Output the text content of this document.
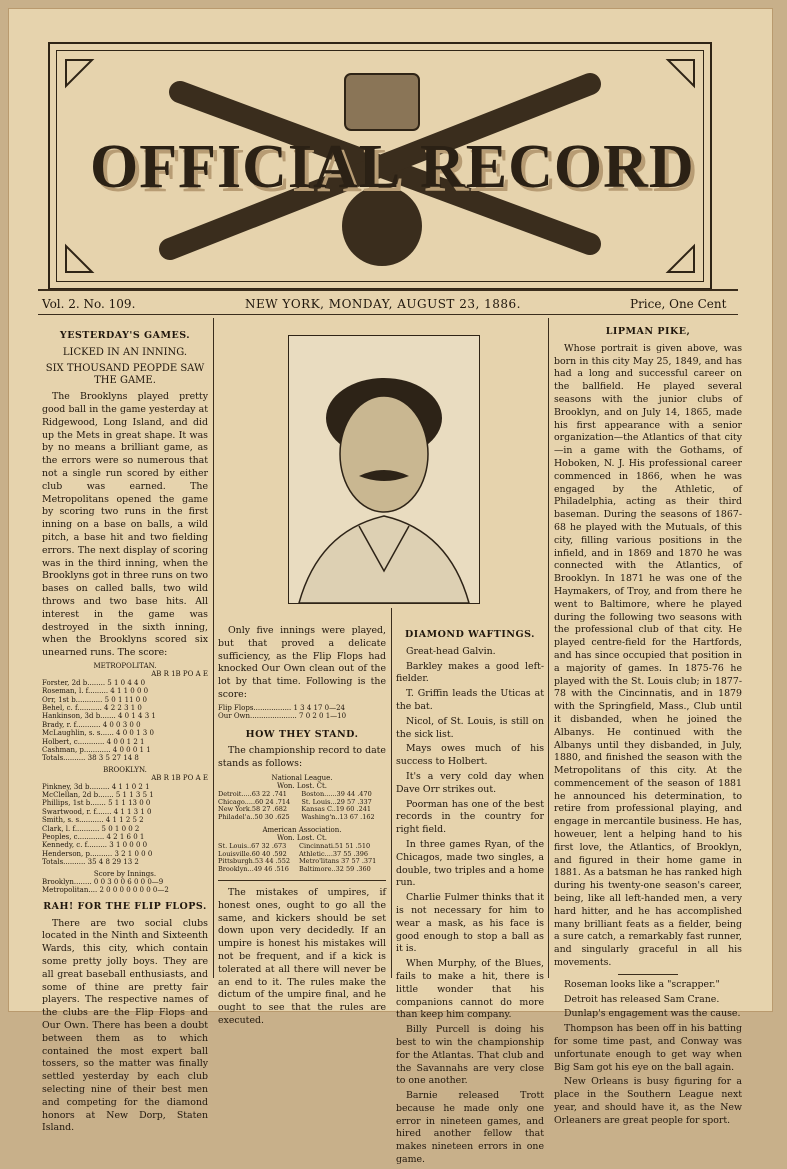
OFFICIAL RECORD
Vol. 2. No. 109.	NEW YORK, MONDAY, AUGUST 23, 1886.	Price, One Cent
YESTERDAY'S GAMES.
LICKED IN AN INNING.
SIX THOUSAND PEOPDE SAW THE GAME.

The Brooklyns played pretty good ball in the game yesterday at Ridgewood, Long Island, and did up the Mets in great shape. It was by no means a brilliant game, as the errors were so numerous that not a single run scored by either club was earned. The Metropolitans opened the game by scoring two runs in the first inning on a base on balls, a wild pitch, a base hit and two fielding errors. The next display of scoring was in the third inning, when the Brooklyns got in three runs on two bases on called balls, two wild throws and two base hits. All interest in the game was destroyed in the sixth inning, when the Brooklyns scored six unearned runs. The score:

METROPOLITAN.
AB R 1B PO A E
Forster, 2d b........ 5 1 0 4 4 0
Roseman, l. f......... 4 1 1 0 0 0
Orr, 1st b............ 5 0 1 11 0 0
Behel, c. f........... 4 2 2 3 1 0
Hankinson, 3d b....... 4 0 1 4 3 1
Brady, r. f........... 4 0 0 3 0 0
McLaughlin, s. s...... 4 0 0 1 3 0
Holbert, c............ 4 0 0 1 2 1
Cashman, p............ 4 0 0 0 1 1
Totals.......... 38 3 5 27 14 8
BROOKLYN.
AB R 1B PO A E
Pinkney, 3d b......... 4 1 1 0 2 1
McClellan, 2d b....... 5 1 1 3 5 1
Phillips, 1st b....... 5 1 1 13 0 0
Swartwood, r. f....... 4 1 1 3 1 0
Smith, s. s........... 4 1 1 2 5 2
Clark, l. f........... 5 0 1 0 0 2
Peoples, c............ 4 2 1 6 0 1
Kennedy, c. f......... 3 1 0 0 0 0
Henderson, p.......... 3 2 1 0 0 0
Totals.......... 35 4 8 29 13 2
Score by Innings.
Brooklyn........ 0 0 3 0 0 6 0 0 0—9
Metropolitan.... 2 0 0 0 0 0 0 0 0—2
RAH! FOR THE FLIP FLOPS.

There are two social clubs located in the Ninth and Sixteenth Wards, this city, which contain some pretty jolly boys. They are all great baseball enthusiasts, and some of thine are pretty fair players. The respective names of the clubs are the Flip Flops and Our Own. There has been a doubt between them as to which contained the most expert ball tossers, so the matter was finally settled yesterday by each club selecting nine of their best men and competing for the diamond honors at New Dorp, Staten Island.

Only five innings were played, but that proved a delicate sufficiency, as the Flip Flops had knocked Our Own clean out of the lot by that time. Following is the score:

Flip Flops................. 1 3 4 17 0—24
Our Own..................... 7 0 2 0 1—10
HOW THEY STAND.

The championship record to date stands as follows:

National League.
Won. Lost. Ct.
Detroit.....63 22 .741	Boston......39 44 .470
Chicago.....60 24 .714	St. Louis...29 57 .337
New York.58 27 .682	Kansas C..19 60 .241
Philadel'a..50 30 .625	Washing'n..13 67 .162
American Association.
Won. Lost. Ct.
St. Louis..67 32 .673	Cincinnati.51 51 .510
Louisville.60 40 .592	Athletic....37 55 .396
Pittsburgh.53 44 .552	Metro'litans 37 57 .371
Brooklyn...49 46 .516	Baltimore..32 59 .360

The mistakes of umpires, if honest ones, ought to go all the same, and kickers should be set down upon very decidedly. If an umpire is honest his mistakes will not be frequent, and if a kick is tolerated at all there will never be an end to it. The rules make the dictum of the umpire final, and he ought to see that the rules are executed.

DIAMOND WAFTINGS.

Great-head Galvin.

Barkley makes a good left-fielder.

T. Griffin leads the Uticas at the bat.

Nicol, of St. Louis, is still on the sick list.

Mays owes much of his success to Holbert.

It's a very cold day when Dave Orr strikes out.

Poorman has one of the best records in the country for right field.

In three games Ryan, of the Chicagos, made two singles, a double, two triples and a home run.

Charlie Fulmer thinks that it is not necessary for him to wear a mask, as his face is good enough to stop a ball as it is.

When Murphy, of the Blues, fails to make a hit, there is little wonder that his companions cannot do more than keep him company.

Billy Purcell is doing his best to win the championship for the Atlantas. That club and the Savannahs are very close to one another.

Barnie released Trott because he made only one error in nineteen games, and hired another fellow that makes nineteen errors in one game.

LIPMAN PIKE,

Whose portrait is given above, was born in this city May 25, 1849, and has had a long and successful career on the ballfield. He played several seasons with the junior clubs of Brooklyn, and on July 14, 1865, made his first appearance with a senior organization—the Atlantics of that city—in a game with the Gothams, of Hoboken, N. J. His professional career commenced in 1866, when he was engaged by the Athletic, of Philadelphia, acting as their third baseman. During the seasons of 1867-68 he played with the Mutuals, of this city, filling various positions in the infield, and in 1869 and 1870 he was connected with the Atlantics, of Brooklyn. In 1871 he was one of the Haymakers, of Troy, and from there he went to Baltimore, where he played during the following two seasons with the professional club of that city. He played centre-field for the Hartfords, and has since occupied that position in a majority of games. In 1875-76 he played with the St. Louis club; in 1877-78 with the Cincinnatis, and in 1879 with the Springfield, Mass., Club until it disbanded, when he joined the Albanys. He continued with the Albanys until they disbanded, in July, 1880, and finished the season with the Metropolitans of this city. At the commencement of the season of 1881 he announced his determination, to retire from professional playing, and engage in mercantile business. He has, howeuer, lent a helping hand to his first love, the Atlantics, of Brooklyn, and figured in their home game in 1881. As a batsman he has ranked high during his twenty-one season's career, being, like all left-handed men, a very hard hitter, and he has accomplished many brilliant feats as a fielder, being a sure catch, a remarkably fast runner, and singularly graceful in all his movements.

Roseman looks like a "scrapper."

Detroit has released Sam Crane.

Dunlap's engagement was the cause.

Thompson has been off in his batting for some time past, and Conway was unfortunate enough to get way when Big Sam got his eye on the ball again.

New Orleans is busy figuring for a place in the Southern League next year, and should have it, as the New Orleaners are great people for sport.
